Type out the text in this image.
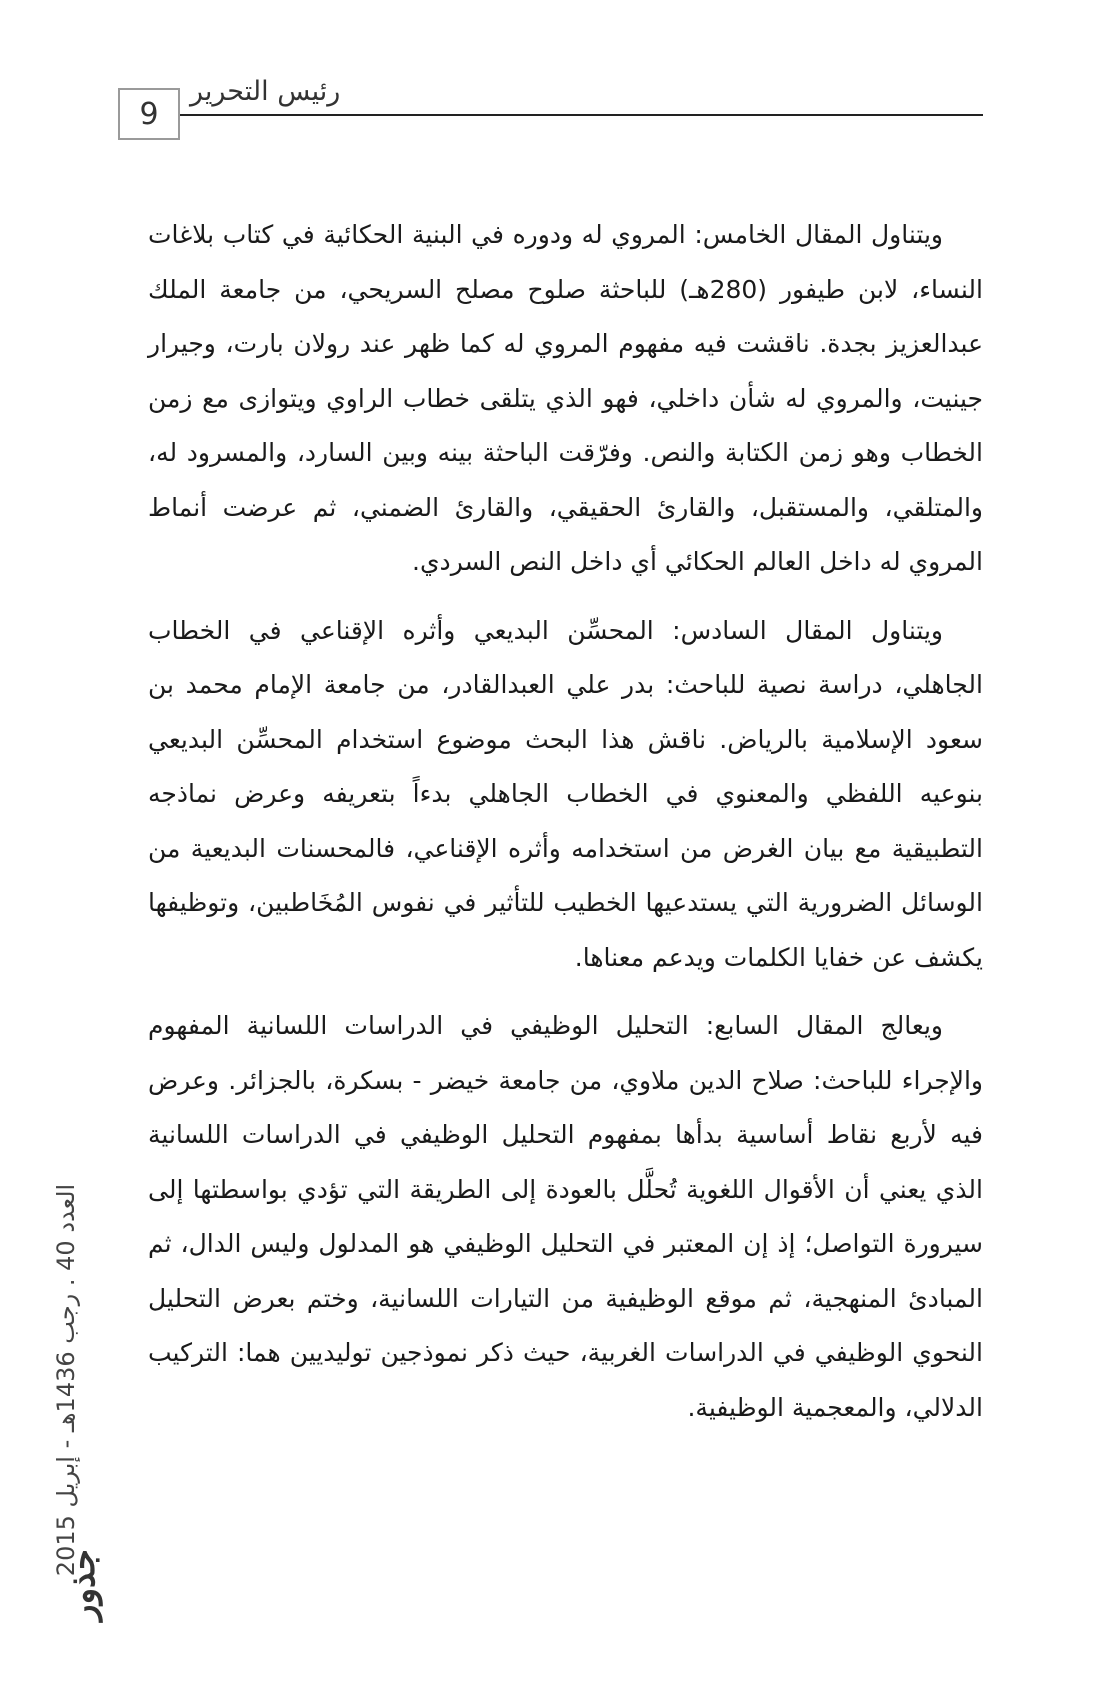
9
رئيس التحرير

ويتناول المقال الخامس: المروي له ودوره في البنية الحكائية في كتاب بلاغات النساء، لابن طيفور (280هـ) للباحثة صلوح مصلح السريحي، من جامعة الملك عبدالعزيز بجدة. ناقشت فيه مفهوم المروي له كما ظهر عند رولان بارت، وجيرار جينيت، والمروي له شأن داخلي، فهو الذي يتلقى خطاب الراوي ويتوازى مع زمن الخطاب وهو زمن الكتابة والنص. وفرّقت الباحثة بينه وبين السارد، والمسرود له، والمتلقي، والمستقبل، والقارئ الحقيقي، والقارئ الضمني، ثم عرضت أنماط المروي له داخل العالم الحكائي أي داخل النص السردي.

ويتناول المقال السادس: المحسِّن البديعي وأثره الإقناعي في الخطاب الجاهلي، دراسة نصية للباحث: بدر علي العبدالقادر، من جامعة الإمام محمد بن سعود الإسلامية بالرياض. ناقش هذا البحث موضوع استخدام المحسِّن البديعي بنوعيه اللفظي والمعنوي في الخطاب الجاهلي بدءاً بتعريفه وعرض نماذجه التطبيقية مع بيان الغرض من استخدامه وأثره الإقناعي، فالمحسنات البديعية من الوسائل الضرورية التي يستدعيها الخطيب للتأثير في نفوس المُخَاطبين، وتوظيفها يكشف عن خفايا الكلمات ويدعم معناها.

ويعالج المقال السابع: التحليل الوظيفي في الدراسات اللسانية المفهوم والإجراء للباحث: صلاح الدين ملاوي، من جامعة خيضر - بسكرة، بالجزائر. وعرض فيه لأربع نقاط أساسية بدأها بمفهوم التحليل الوظيفي في الدراسات اللسانية الذي يعني أن الأقوال اللغوية تُحلَّل بالعودة إلى الطريقة التي تؤدي بواسطتها إلى سيرورة التواصل؛ إذ إن المعتبر في التحليل الوظيفي هو المدلول وليس الدال، ثم المبادئ المنهجية، ثم موقع الوظيفية من التيارات اللسانية، وختم بعرض التحليل النحوي الوظيفي في الدراسات الغربية، حيث ذكر نموذجين توليديين هما: التركيب الدلالي، والمعجمية الوظيفية.

العدد 40 . رجب 1436هـ - إبريل 2015
جذور
